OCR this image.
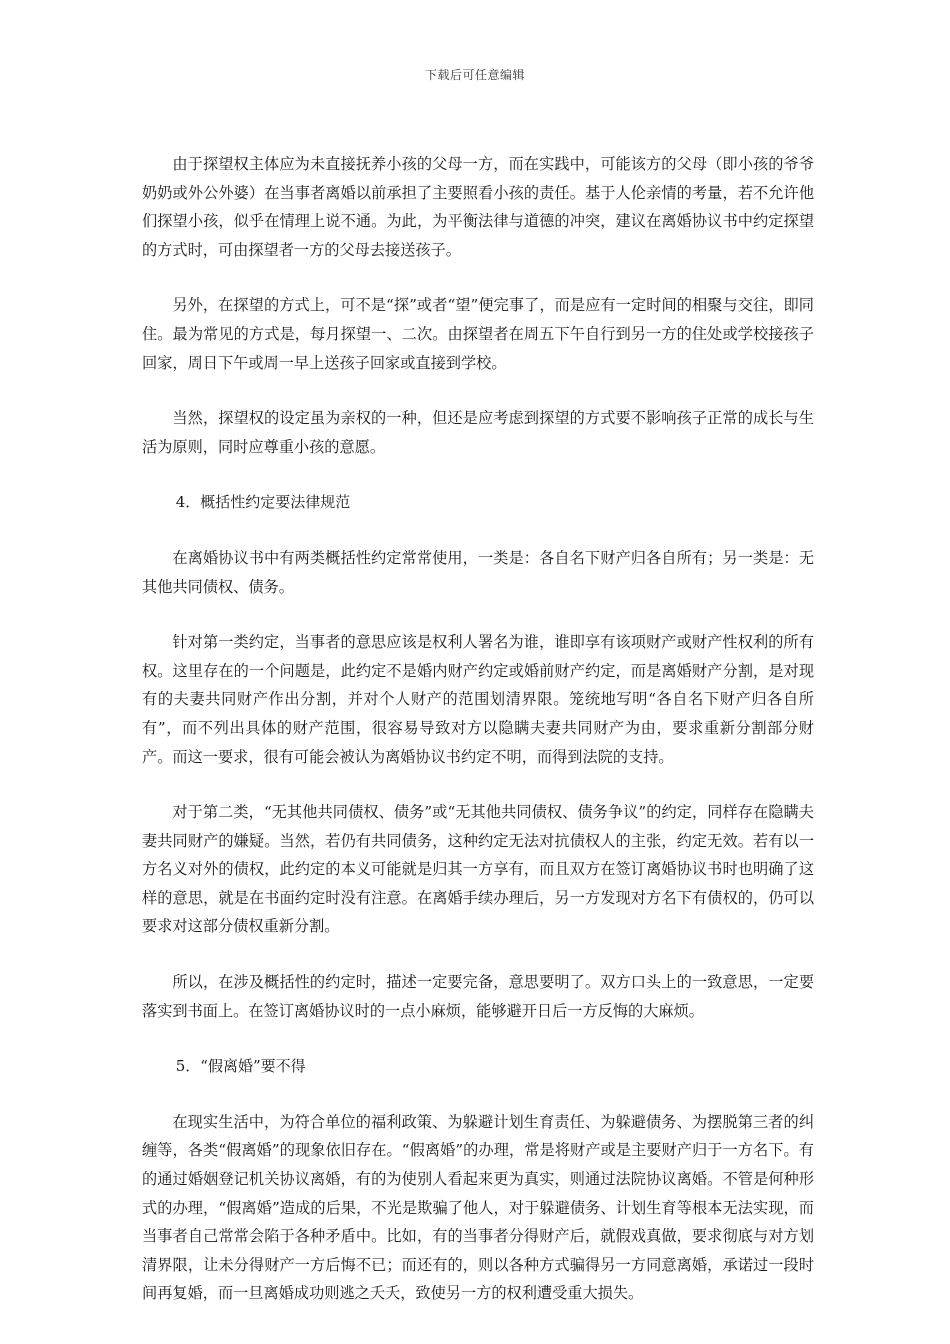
下载后可任意编辑

由于探望权主体应为未直接抚养小孩的父母一方，而在实践中，可能该方的父母（即小孩的爷爷奶奶或外公外婆）在当事者离婚以前承担了主要照看小孩的责任。基于人伦亲情的考量，若不允许他们探望小孩，似乎在情理上说不通。为此，为平衡法律与道德的冲突，建议在离婚协议书中约定探望的方式时，可由探望者一方的父母去接送孩子。

另外，在探望的方式上，可不是“探”或者“望”便完事了，而是应有一定时间的相聚与交往，即同住。最为常见的方式是，每月探望一、二次。由探望者在周五下午自行到另一方的住处或学校接孩子回家，周日下午或周一早上送孩子回家或直接到学校。

当然，探望权的设定虽为亲权的一种，但还是应考虑到探望的方式要不影响孩子正常的成长与生活为原则，同时应尊重小孩的意愿。

4．概括性约定要法律规范

在离婚协议书中有两类概括性约定常常使用，一类是：各自名下财产归各自所有；另一类是：无其他共同债权、债务。

针对第一类约定，当事者的意思应该是权利人署名为谁，谁即享有该项财产或财产性权利的所有权。这里存在的一个问题是，此约定不是婚内财产约定或婚前财产约定，而是离婚财产分割，是对现有的夫妻共同财产作出分割，并对个人财产的范围划清界限。笼统地写明“各自名下财产归各自所有”，而不列出具体的财产范围，很容易导致对方以隐瞒夫妻共同财产为由，要求重新分割部分财产。而这一要求，很有可能会被认为离婚协议书约定不明，而得到法院的支持。

对于第二类，“无其他共同债权、债务”或“无其他共同债权、债务争议”的约定，同样存在隐瞒夫妻共同财产的嫌疑。当然，若仍有共同债务，这种约定无法对抗债权人的主张，约定无效。若有以一方名义对外的债权，此约定的本义可能就是归其一方享有，而且双方在签订离婚协议书时也明确了这样的意思，就是在书面约定时没有注意。在离婚手续办理后，另一方发现对方名下有债权的，仍可以要求对这部分债权重新分割。

所以，在涉及概括性的约定时，描述一定要完备，意思要明了。双方口头上的一致意思，一定要落实到书面上。在签订离婚协议时的一点小麻烦，能够避开日后一方反悔的大麻烦。

5．“假离婚”要不得

在现实生活中，为符合单位的福利政策、为躲避计划生育责任、为躲避债务、为摆脱第三者的纠缠等，各类“假离婚”的现象依旧存在。“假离婚”的办理，常是将财产或是主要财产归于一方名下。有的通过婚姻登记机关协议离婚，有的为使别人看起来更为真实，则通过法院协议离婚。不管是何种形式的办理，“假离婚”造成的后果，不光是欺骗了他人，对于躲避债务、计划生育等根本无法实现，而当事者自己常常会陷于各种矛盾中。比如，有的当事者分得财产后，就假戏真做，要求彻底与对方划清界限，让未分得财产一方后悔不已；而还有的，则以各种方式骗得另一方同意离婚，承诺过一段时间再复婚，而一旦离婚成功则逃之夭夭，致使另一方的权利遭受重大损失。
